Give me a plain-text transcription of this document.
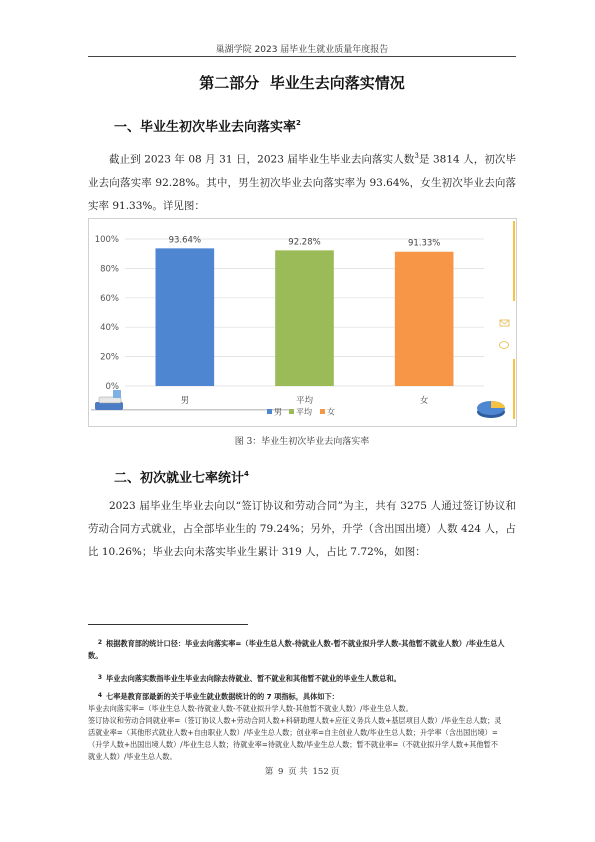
巢湖学院 2023 届毕业生就业质量年度报告
第二部分  毕业生去向落实情况
一、毕业生初次毕业去向落实率$^2$
截止到 2023 年 08 月 31 日，2023 届毕业生毕业去向落实人数$^3$是 3814 人，初次毕业去向落实率 92.28%。其中，男生初次毕业去向落实率为 93.64%，女生初次毕业去向落实率 91.33%。详见图：
0%
20%
40%
60%
80%
100%	93.64%	92.28%	91.33%
男	平均	女
男 平均 女
图 3：毕业生初次毕业去向落实率
二、初次就业七率统计$^4$
2023 届毕业生毕业去向以“签订协议和劳动合同”为主，共有 3275 人通过签订协议和劳动合同方式就业，占全部毕业生的 79.24%；另外，升学（含出国出境）人数 424 人，占比 10.26%；毕业去向未落实毕业生累计 319 人，占比 7.72%，如图：
2 根据教育部的统计口径：毕业去向落实率=（毕业生总人数-待就业人数-暂不就业拟升学人数-其他暂不就业人数）/毕业生总人数。
3 毕业去向落实数指毕业生毕业去向除去待就业、暂不就业和其他暂不就业的毕业生人数总和。
4 七率是教育部最新的关于毕业生就业数据统计的的 7 项指标，具体如下：
毕业去向落实率=（毕业生总人数-待就业人数-不就业拟升学人数-其他暂不就业人数）/毕业生总人数。
签订协议和劳动合同就业率=（签订协议人数+劳动合同人数+科研助理人数+应征义务兵人数+基层项目人数）/毕业生总人数；灵活就业率=（其他形式就业人数+自由职业人数）/毕业生总人数；创业率=自主创业人数/毕业生总人数；升学率（含出国出境）=（升学人数+出国出境人数）/毕业生总人数；待就业率=待就业人数/毕业生总人数；暂不就业率=（不就业拟升学人数+其他暂不就业人数）/毕业生总人数。
第 9 页 共 152 页
